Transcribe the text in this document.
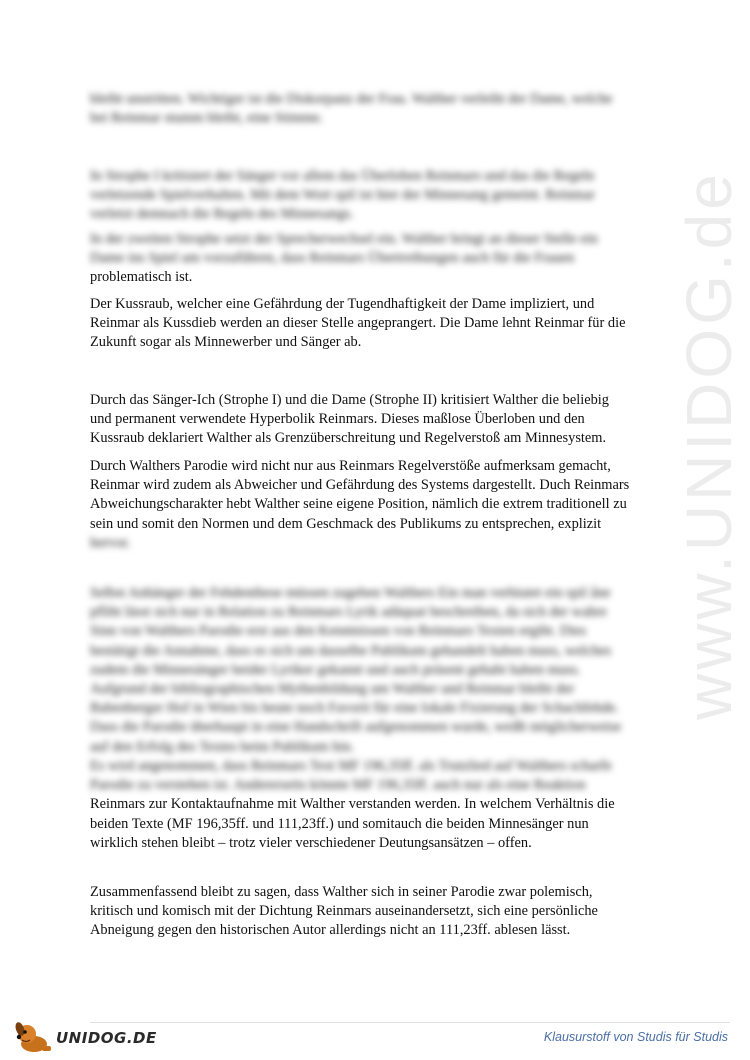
www.UNIDOG.de
bleibt unstritten. Wichtiger ist die Diskorpanz der Frau. Walther verleiht der Dame, welche
bei Reinmar stumm bleibt, eine Stimme.
In Strophe I kritisiert der Sänger vor allem das Überloben Reinmars und das die Regeln
verletzende Spielverhalten. Mit dem Wort spil ist hier der Minnesang gemeint. Reinmar
verletzt demnach die Regeln des Minnesangs.
In der zweiten Strophe setzt der Sprecherwechsel ein. Walther bringt an dieser Stelle ein
Dame ins Spiel um vorzuführen, dass Reinmars Übertreibungen auch für die Frauen
problematisch ist.
Der Kussraub, welcher eine Gefährdung der Tugendhaftigkeit der Dame impliziert, und
Reinmar als Kussdieb werden an dieser Stelle angeprangert. Die Dame lehnt Reinmar für die
Zukunft sogar als Minnewerber und Sänger ab.
Durch das Sänger-Ich (Strophe I) und die Dame (Strophe II) kritisiert Walther die beliebig
und permanent verwendete Hyperbolik Reinmars. Dieses maßlose Überloben und den
Kussraub deklariert Walther als Grenzüberschreitung und Regelverstoß am Minnesystem.
Durch Walthers Parodie wird nicht nur aus Reinmars Regelverstöße aufmerksam gemacht,
Reinmar wird zudem als Abweicher und Gefährdung des Systems dargestellt. Duch Reinmars
Abweichungscharakter hebt Walther seine eigene Position, nämlich die extrem traditionell zu
sein und somit den Normen und dem Geschmack des Publikums zu entsprechen, explizit
hervor.
Selbst Anhänger der Fehdenthese müssen zugeben Walthers Ein man verbiutet ein spil âne
pfliht lässt sich nur in Relation zu Reinmars Lyrik adäquat beschreiben, da sich der wahre
Sinn von Walthers Parodie erst aus den Kenntnissen von Reinmars Texten ergibt. Dies
bestätigt die Annahme, dass es sich um dasselbe Publikum gehandelt haben muss, welches
zudem die Minnesänger beider Lyriker gekannt und auch präsent gehabt haben muss.
Aufgrund der bibliographischen Mythenbildung um Walther und Reinmar bleibt der
Babenberger Hof in Wien bis heute noch Favorit für eine lokale Fixierung der Schachfehde.
Dass die Parodie überhaupt in eine Handschrift aufgenommen wurde, weißt möglicherweise
auf den Erfolg des Textes beim Publikum hin.
Es wird angenommen, dass Reinmars Text MF 196,35ff. als Trutzlied auf Walthers scharfe
Parodie zu verstehen ist. Andererseits könnte MF 196,35ff. auch nur als eine Reaktion
Reinmars zur Kontaktaufnahme mit Walther verstanden werden. In welchem Verhältnis die
beiden Texte (MF 196,35ff. und 111,23ff.) und somitauch die beiden Minnesänger nun
wirklich stehen bleibt – trotz vieler verschiedener Deutungsansätzen – offen.
Zusammenfassend bleibt zu sagen, dass Walther sich in seiner Parodie zwar polemisch,
kritisch und komisch mit der Dichtung Reinmars auseinandersetzt, sich eine persönliche
Abneigung gegen den historischen Autor allerdings nicht an 111,23ff. ablesen lässt.
UNIDOG.DE	Klausurstoff von Studis für Studis
